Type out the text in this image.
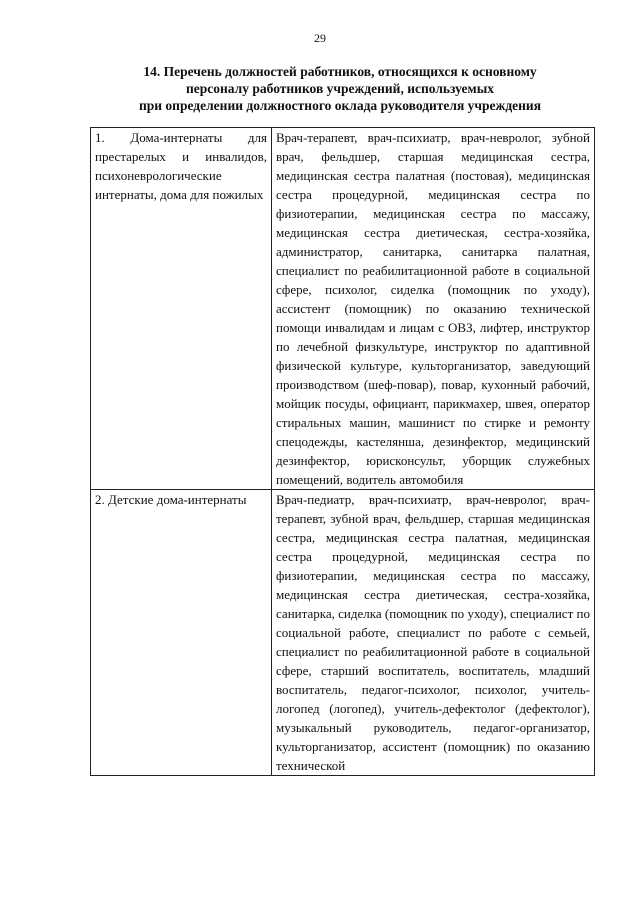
29
14. Перечень должностей работников, относящихся к основному
персоналу работников учреждений, используемых
при определении должностного оклада руководителя учреждения
1. Дома-интернаты для престарелых и инвалидов, психоневрологические интернаты, дома для пожилых	Врач-терапевт, врач-психиатр, врач-невролог, зубной врач, фельдшер, старшая медицинская сестра, медицинская сестра палатная (постовая), медицинская сестра процедурной, медицинская сестра по физиотерапии, медицинская сестра по массажу, медицинская сестра диетическая, сестра-хозяйка, администратор, санитарка, санитарка палатная, специалист по реабилитационной работе в социальной сфере, психолог, сиделка (помощник по уходу), ассистент (помощник) по оказанию технической помощи инвалидам и лицам с ОВЗ, лифтер, инструктор по лечебной физкультуре, инструктор по адаптивной физической культуре, культорганизатор, заведующий производством (шеф-повар), повар, кухонный рабочий, мойщик посуды, официант, парикмахер, швея, оператор стиральных машин, машинист по стирке и ремонту спецодежды, кастелянша, дезинфектор, медицинский дезинфектор, юрисконсульт, уборщик служебных помещений, водитель автомобиля
2. Детские дома-интернаты	Врач-педиатр, врач-психиатр, врач-невролог, врач-терапевт, зубной врач, фельдшер, старшая медицинская сестра, медицинская сестра палатная, медицинская сестра процедурной, медицинская сестра по физиотерапии, медицинская сестра по массажу, медицинская сестра диетическая, сестра-хозяйка, санитарка, сиделка (помощник по уходу), специалист по социальной работе, специалист по работе с семьей, специалист по реабилитационной работе в социальной сфере, старший воспитатель, воспитатель, младший воспитатель, педагог-психолог, психолог, учитель-логопед (логопед), учитель-дефектолог (дефектолог), музыкальный руководитель, педагог-организатор, культорганизатор, ассистент (помощник) по оказанию технической
